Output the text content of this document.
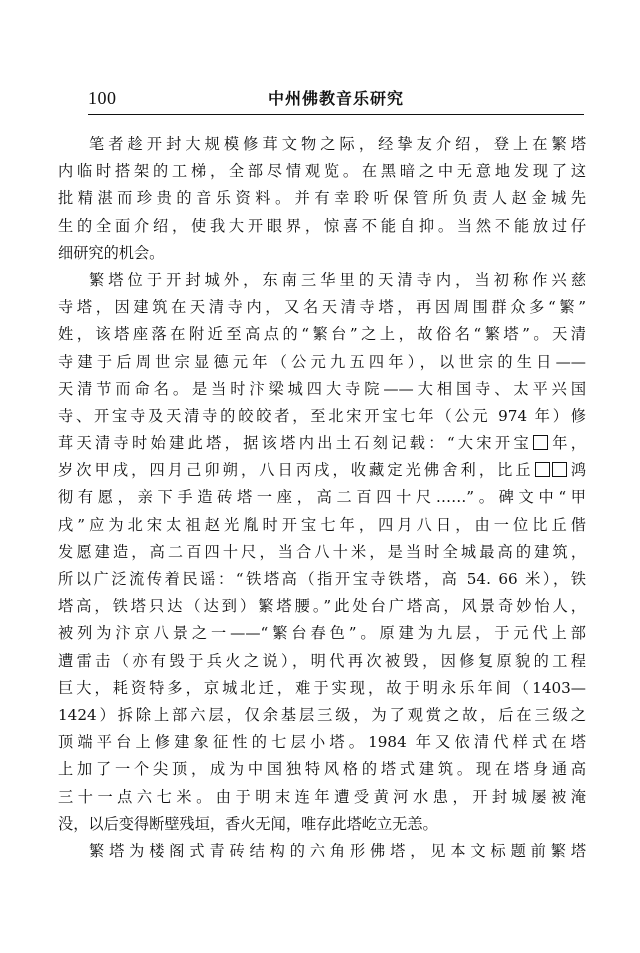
100	中州佛教音乐研究
笔者趁开封大规模修茸文物之际，经挚友介绍，登上在繁塔
内临时搭架的工梯，全部尽情观览。在黑暗之中无意地发现了这
批精湛而珍贵的音乐资料。并有幸聆听保管所负责人赵金城先
生的全面介绍，使我大开眼界，惊喜不能自抑。当然不能放过仔
细研究的机会。
繁塔位于开封城外，东南三华里的天清寺内，当初称作兴慈
寺塔，因建筑在天清寺内，又名天清寺塔，再因周围群众多“繁”
姓，该塔座落在附近至高点的“繁台”之上，故俗名“繁塔”。天清
寺建于后周世宗显德元年（公元九五四年），以世宗的生日——
天清节而命名。是当时汴梁城四大寺院——大相国寺、太平兴国
寺、开宝寺及天清寺的皎皎者，至北宋开宝七年（公元 974 年）修
茸天清寺时始建此塔，据该塔内出土石刻记载：“大宋开宝 年，
岁次甲戌，四月己卯朔，八日丙戌，收藏定光佛舍利，比丘 鸿
彻有愿，亲下手造砖塔一座，高二百四十尺……”。碑文中“甲
戌”应为北宋太祖赵光胤时开宝七年，四月八日，由一位比丘偕
发愿建造，高二百四十尺，当合八十米，是当时全城最高的建筑，
所以广泛流传着民谣：“铁塔高（指开宝寺铁塔，高 54. 66 米），铁
塔高，铁塔只达（达到）繁塔腰。”此处台广塔高，风景奇妙怡人，
被列为汴京八景之一——“繁台春色”。原建为九层，于元代上部
遭雷击（亦有毁于兵火之说），明代再次被毁，因修复原貌的工程
巨大，耗资特多，京城北迁，难于实现，故于明永乐年间（1403—
1424）拆除上部六层，仅余基层三级，为了观赏之故，后在三级之
顶端平台上修建象征性的七层小塔。1984 年又依清代样式在塔
上加了一个尖顶，成为中国独特风格的塔式建筑。现在塔身通高
三十一点六七米。由于明末连年遭受黄河水患，开封城屡被淹
没，以后变得断壁残垣，香火无闻，唯存此塔屹立无恙。
繁塔为楼阁式青砖结构的六角形佛塔，见本文标题前繁塔
